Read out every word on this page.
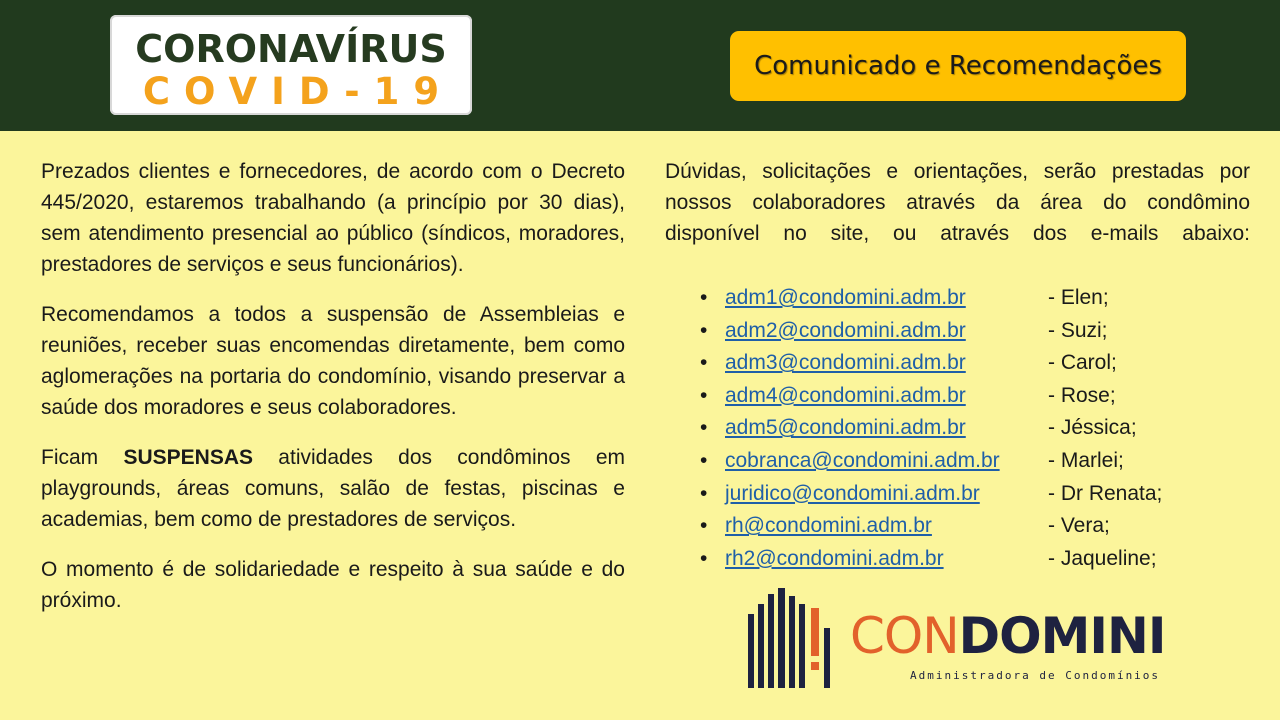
CORONAVÍRUS
COVID-19
Comunicado e Recomendações

Prezados clientes e fornecedores, de acordo com o Decreto 445/2020, estaremos trabalhando (a princípio por 30 dias), sem atendimento presencial ao público (síndicos, moradores, prestadores de serviços e seus funcionários).

Recomendamos a todos a suspensão de Assembleias e reuniões, receber suas encomendas diretamente, bem como aglomerações na portaria do condomínio, visando preservar a saúde dos moradores e seus colaboradores.

Ficam SUSPENSAS atividades dos condôminos em playgrounds, áreas comuns, salão de festas, piscinas e academias, bem como de prestadores de serviços.

O momento é de solidariedade e respeito à sua saúde e do próximo.

Dúvidas, solicitações e orientações, serão prestadas por

nossos colaboradores através da área do condômino

disponível no site, ou através dos e-mails abaixo:

• adm1@condomini.adm.br	- Elen;
• adm2@condomini.adm.br	- Suzi;
• adm3@condomini.adm.br	- Carol;
• adm4@condomini.adm.br	- Rose;
• adm5@condomini.adm.br	- Jéssica;
• cobranca@condomini.adm.br - Marlei;
• juridico@condomini.adm.br	- Dr Renata;
• rh@condomini.adm.br	- Vera;
• rh2@condomini.adm.br	- Jaqueline;
CONDOMINI
Administradora de Condomínios
